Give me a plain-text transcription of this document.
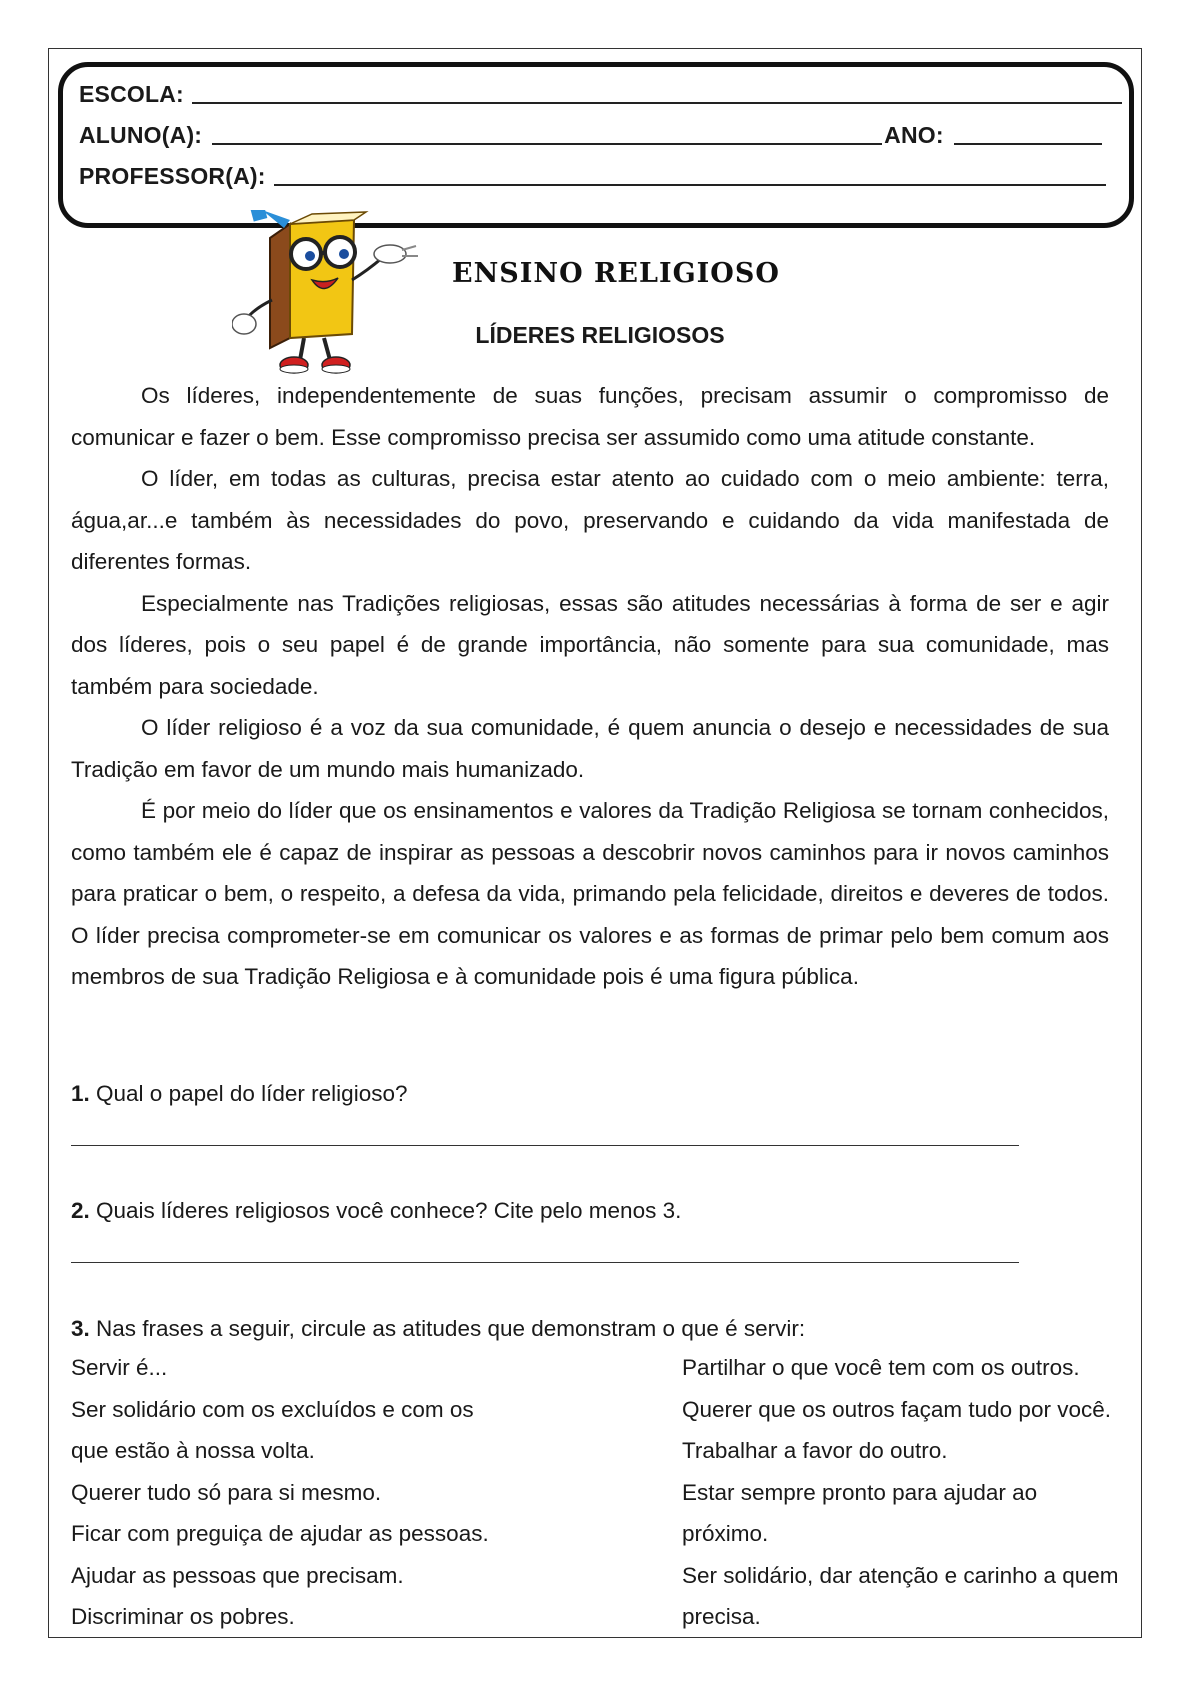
ESCOLA:
ALUNO(A):	ANO:
PROFESSOR(A):
ENSINO RELIGIOSO
LÍDERES RELIGIOSOS

Os líderes, independentemente de suas funções, precisam assumir o compromisso de comunicar e fazer o bem. Esse compromisso precisa ser assumido como uma atitude constante.

O líder, em todas as culturas, precisa estar atento ao cuidado com o meio ambiente: terra, água,ar...e também às necessidades do povo, preservando e cuidando da vida manifestada de diferentes formas.

Especialmente nas Tradições religiosas, essas são atitudes necessárias à forma de ser e agir dos líderes, pois o seu papel é de grande importância, não somente para sua comunidade, mas também para sociedade.

O líder religioso é a voz da sua comunidade, é quem anuncia o desejo e necessidades de sua Tradição em favor de um mundo mais humanizado.

É por meio do líder que os ensinamentos e valores da Tradição Religiosa se tornam conhecidos, como também ele é capaz de inspirar as pessoas a descobrir novos caminhos para ir novos caminhos para praticar o bem, o respeito, a defesa da vida, primando pela felicidade, direitos e deveres de todos. O líder precisa comprometer-se em comunicar os valores e as formas de primar pelo bem comum aos membros de sua Tradição Religiosa e à comunidade pois é uma figura pública.

1. Qual o papel do líder religioso?
2. Quais líderes religiosos você conhece? Cite pelo menos 3.
3. Nas frases a seguir, circule as atitudes que demonstram o que é servir:
Servir é...
Ser solidário com os excluídos e com os
que estão à nossa volta.
Querer tudo só para si mesmo.
Ficar com preguiça de ajudar as pessoas.
Ajudar as pessoas que precisam.
Discriminar os pobres.
Partilhar o que você tem com os outros.
Querer que os outros façam tudo por você.
Trabalhar a favor do outro.
Estar sempre pronto para ajudar ao
próximo.
Ser solidário, dar atenção e carinho a quem
precisa.
